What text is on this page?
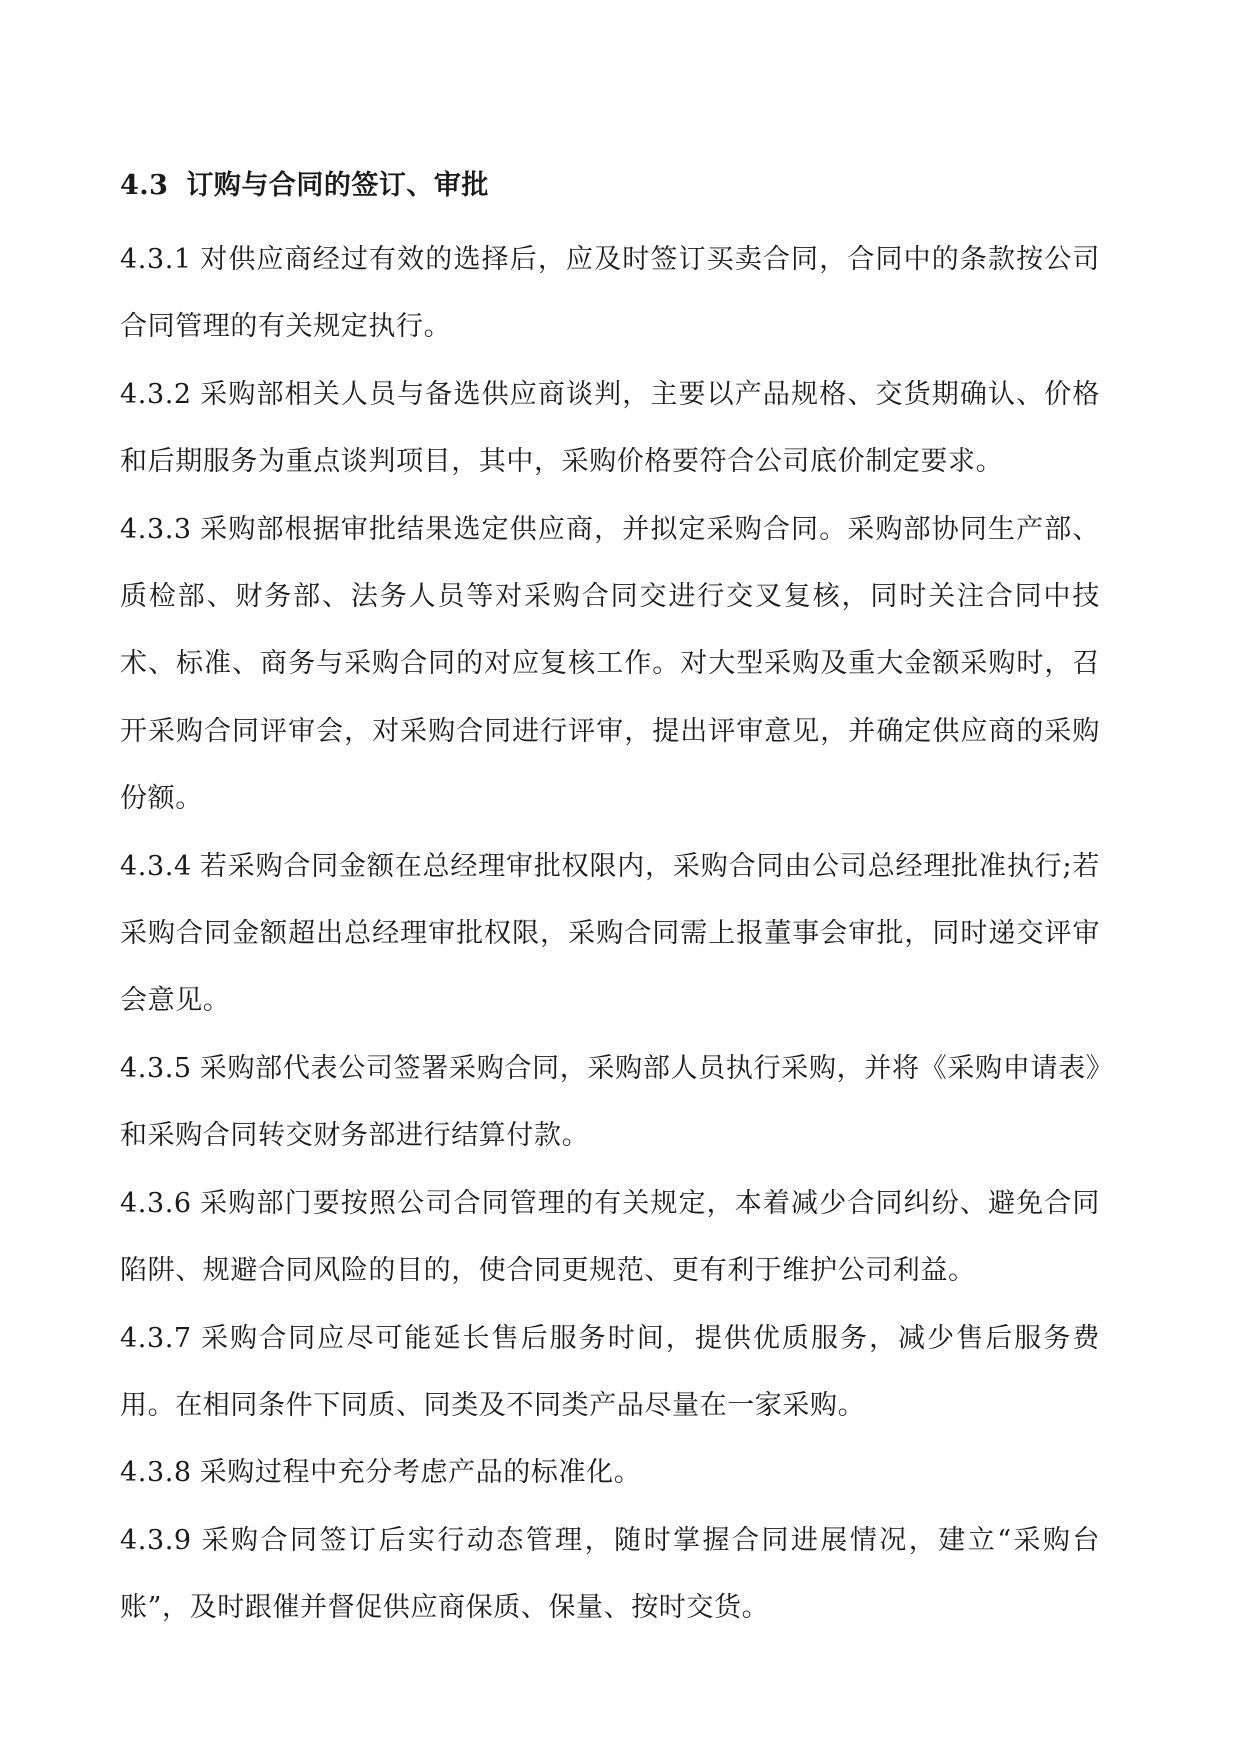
4.3 订购与合同的签订、审批

4.3.1 对供应商经过有效的选择后，应及时签订买卖合同，合同中的条款按公司合同管理的有关规定执行。

4.3.2 采购部相关人员与备选供应商谈判，主要以产品规格、交货期确认、价格和后期服务为重点谈判项目，其中，采购价格要符合公司底价制定要求。

4.3.3 采购部根据审批结果选定供应商，并拟定采购合同。采购部协同生产部、质检部、财务部、法务人员等对采购合同交进行交叉复核，同时关注合同中技术、标准、商务与采购合同的对应复核工作。对大型采购及重大金额采购时，召开采购合同评审会，对采购合同进行评审，提出评审意见，并确定供应商的采购份额。

4.3.4 若采购合同金额在总经理审批权限内，采购合同由公司总经理批准执行;若采购合同金额超出总经理审批权限，采购合同需上报董事会审批，同时递交评审会意见。

4.3.5 采购部代表公司签署采购合同，采购部人员执行采购，并将《采购申请表》和采购合同转交财务部进行结算付款。

4.3.6 采购部门要按照公司合同管理的有关规定，本着减少合同纠纷、避免合同陷阱、规避合同风险的目的，使合同更规范、更有利于维护公司利益。

4.3.7 采购合同应尽可能延长售后服务时间，提供优质服务，减少售后服务费用。在相同条件下同质、同类及不同类产品尽量在一家采购。

4.3.8 采购过程中充分考虑产品的标准化。

4.3.9 采购合同签订后实行动态管理，随时掌握合同进展情况，建立“采购台账”，及时跟催并督促供应商保质、保量、按时交货。
